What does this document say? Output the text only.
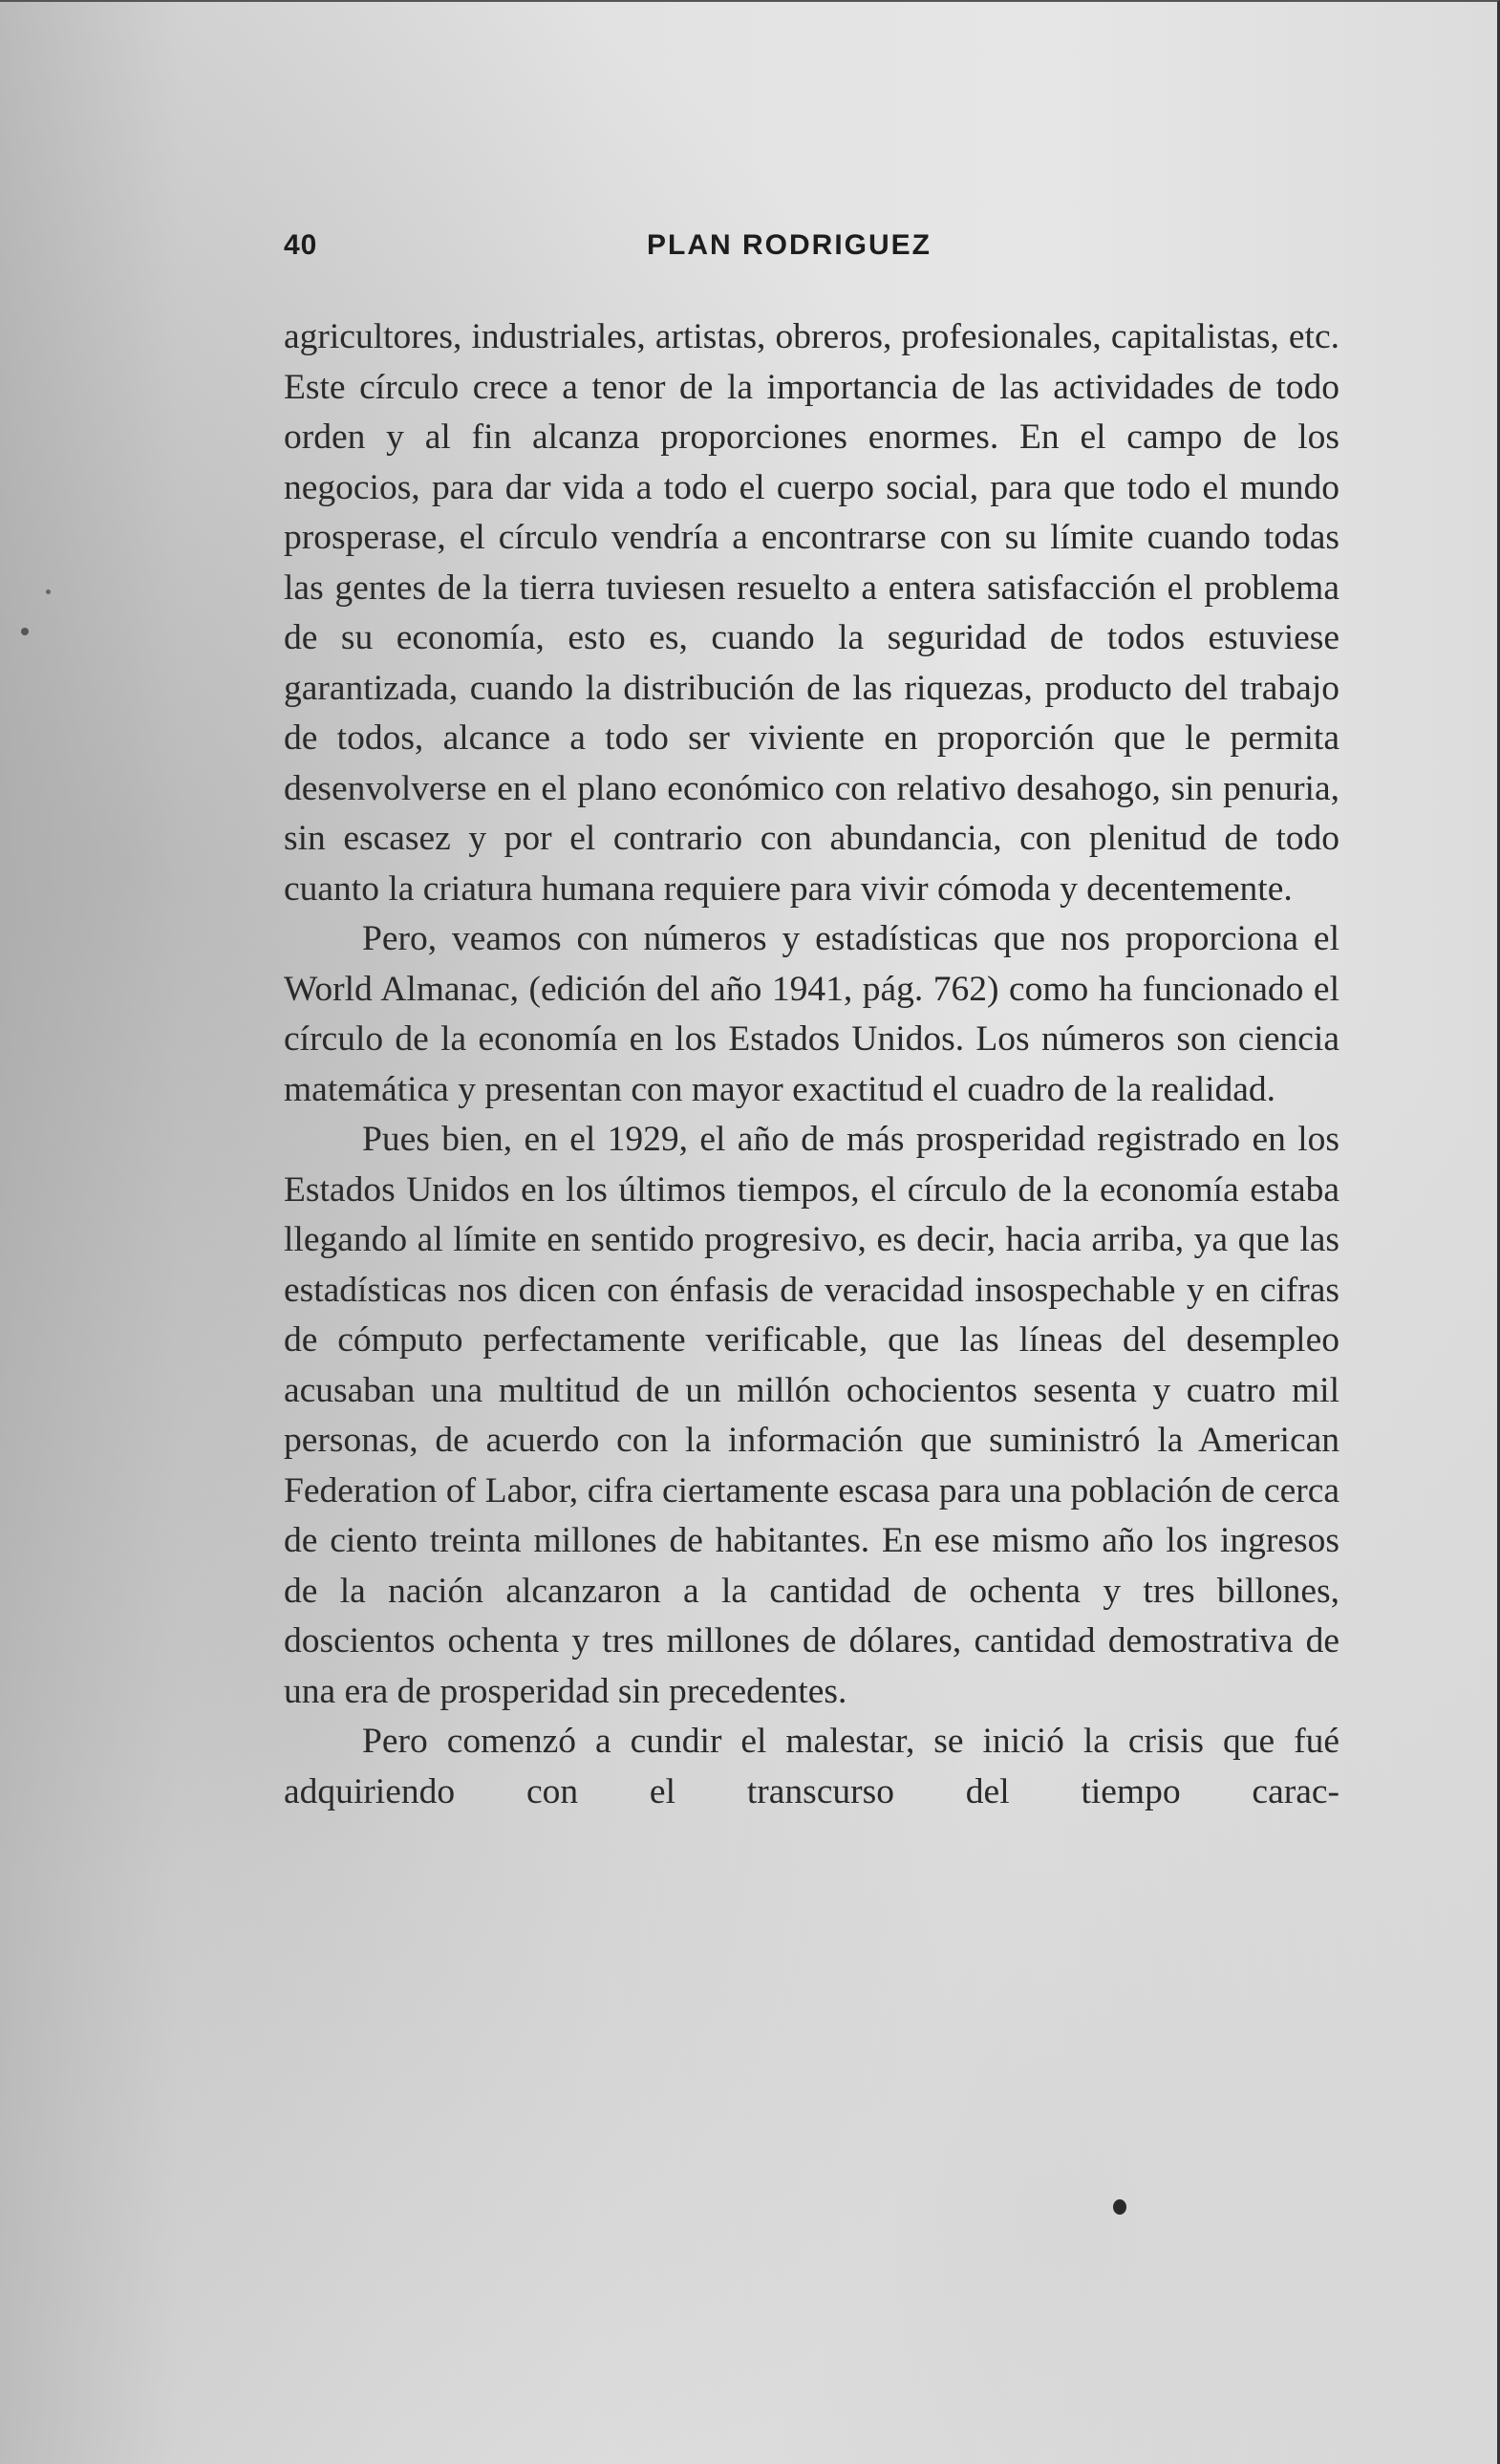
40	PLAN RODRIGUEZ

agricultores, industriales, artistas, obreros, profesionales, capitalistas, etc. Este círculo crece a tenor de la importancia de las actividades de todo orden y al fin alcanza proporciones enormes. En el campo de los negocios, para dar vida a todo el cuerpo social, para que todo el mundo prosperase, el círculo vendría a encontrarse con su límite cuando todas las gentes de la tierra tuviesen resuelto a entera satisfacción el problema de su economía, esto es, cuando la seguridad de todos estuviese garantizada, cuando la distribución de las riquezas, producto del trabajo de todos, alcance a todo ser viviente en proporción que le permita desenvolverse en el plano económico con relativo desahogo, sin penuria, sin escasez y por el contrario con abundancia, con plenitud de todo cuanto la criatura humana requiere para vivir cómoda y decentemente.

Pero, veamos con números y estadísticas que nos proporciona el World Almanac, (edición del año 1941, pág. 762) como ha funcionado el círculo de la economía en los Estados Unidos. Los números son ciencia matemática y presentan con mayor exactitud el cuadro de la realidad.

Pues bien, en el 1929, el año de más prosperidad registrado en los Estados Unidos en los últimos tiempos, el círculo de la economía estaba llegando al límite en sentido progresivo, es decir, hacia arriba, ya que las estadísticas nos dicen con énfasis de veracidad insospechable y en cifras de cómputo perfectamente verificable, que las líneas del desempleo acusaban una multitud de un millón ochocientos sesenta y cuatro mil personas, de acuerdo con la información que suministró la American Federation of Labor, cifra ciertamente escasa para una población de cerca de ciento treinta millones de habitantes. En ese mismo año los ingresos de la nación alcanzaron a la cantidad de ochenta y tres billones, doscientos ochenta y tres millones de dólares, cantidad demostrativa de una era de prosperidad sin precedentes.

Pero comenzó a cundir el malestar, se inició la crisis que fué adquiriendo con el transcurso del tiempo carac-
